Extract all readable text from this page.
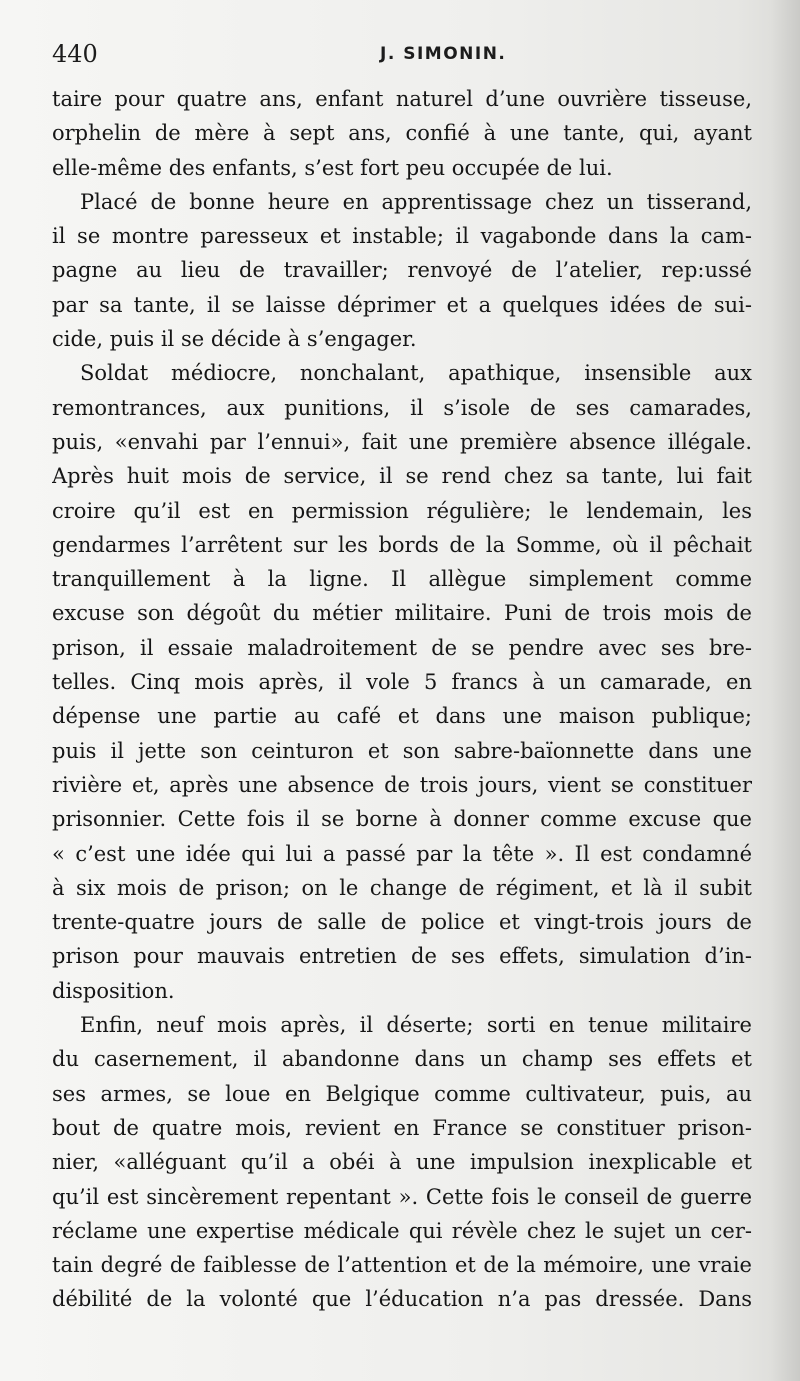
440	J. SIMONIN.
taire pour quatre ans, enfant naturel d’une ouvrière tisseuse,
orphelin de mère à sept ans, confié à une tante, qui, ayant
elle-même des enfants, s’est fort peu occupée de lui.
Placé de bonne heure en apprentissage chez un tisserand,
il se montre paresseux et instable; il vagabonde dans la cam-
pagne au lieu de travailler; renvoyé de l’atelier, rep:ussé
par sa tante, il se laisse déprimer et a quelques idées de sui-
cide, puis il se décide à s’engager.
Soldat médiocre, nonchalant, apathique, insensible aux
remontrances, aux punitions, il s’isole de ses camarades,
puis, «envahi par l’ennui», fait une première absence illégale.
Après huit mois de service, il se rend chez sa tante, lui fait
croire qu’il est en permission régulière; le lendemain, les
gendarmes l’arrêtent sur les bords de la Somme, où il pêchait
tranquillement à la ligne. Il allègue simplement comme
excuse son dégoût du métier militaire. Puni de trois mois de
prison, il essaie maladroitement de se pendre avec ses bre-
telles. Cinq mois après, il vole 5 francs à un camarade, en
dépense une partie au café et dans une maison publique;
puis il jette son ceinturon et son sabre-baïonnette dans une
rivière et, après une absence de trois jours, vient se constituer
prisonnier. Cette fois il se borne à donner comme excuse que
« c’est une idée qui lui a passé par la tête ». Il est condamné
à six mois de prison; on le change de régiment, et là il subit
trente-quatre jours de salle de police et vingt-trois jours de
prison pour mauvais entretien de ses effets, simulation d’in-
disposition.
Enfin, neuf mois après, il déserte; sorti en tenue militaire
du casernement, il abandonne dans un champ ses effets et
ses armes, se loue en Belgique comme cultivateur, puis, au
bout de quatre mois, revient en France se constituer prison-
nier, «alléguant qu’il a obéi à une impulsion inexplicable et
qu’il est sincèrement repentant ». Cette fois le conseil de guerre
réclame une expertise médicale qui révèle chez le sujet un cer-
tain degré de faiblesse de l’attention et de la mémoire, une vraie
débilité de la volonté que l’éducation n’a pas dressée. Dans
